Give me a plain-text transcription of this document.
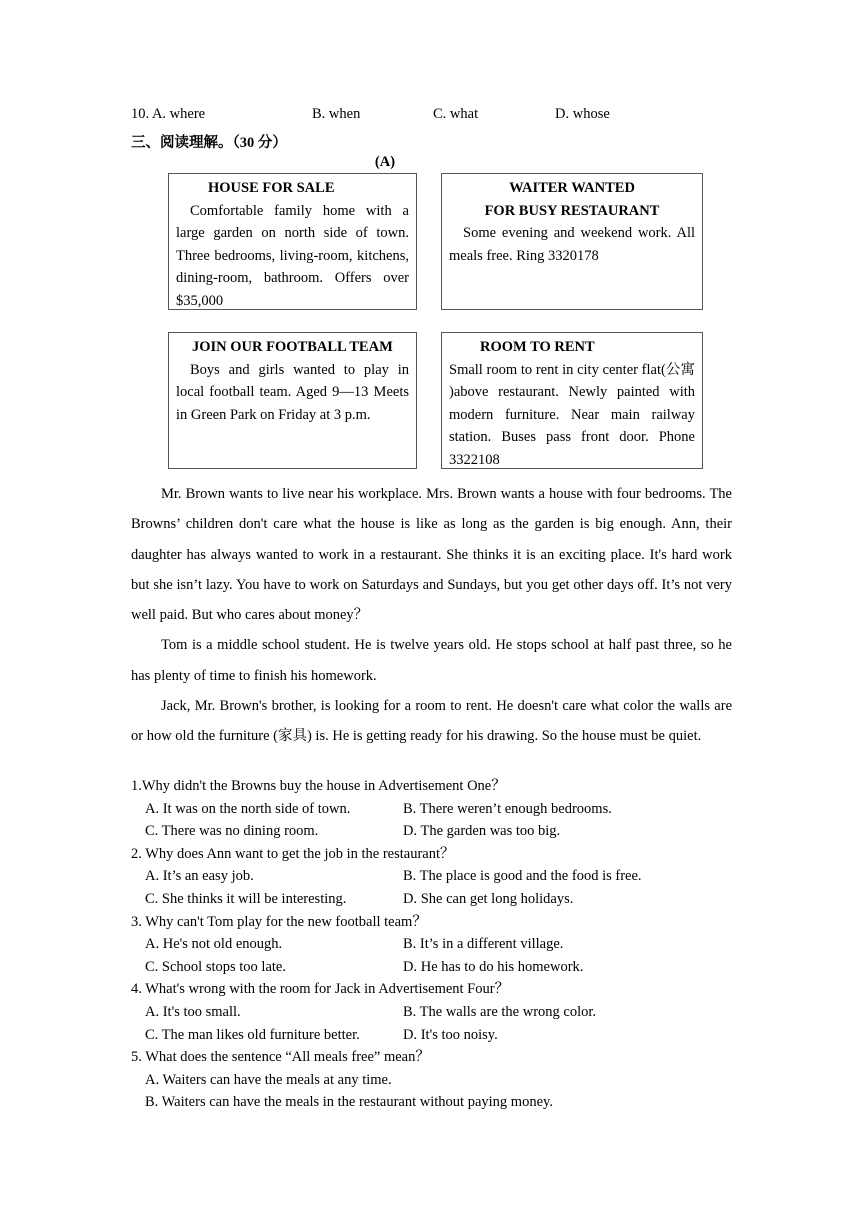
10. A. where	B. when	C. what	D. whose
三、阅读理解。（30 分）
(A)
HOUSE FOR SALE
Comfortable family home with a large garden on north side of town. Three bedrooms, living-room, kitchens, dining-room, bathroom. Offers over $35,000
WAITER WANTED
FOR BUSY RESTAURANT
Some evening and weekend work. All meals free. Ring 3320178
JOIN OUR FOOTBALL TEAM
Boys and girls wanted to play in local football team. Aged 9—13 Meets in Green Park on Friday at 3 p.m.
ROOM TO RENT
Small room to rent in city center flat(公寓 )above restaurant. Newly painted with modern furniture. Near main railway station. Buses pass front door. Phone 3322108

Mr. Brown wants to live near his workplace. Mrs. Brown wants a house with four bedrooms. The Browns’ children don't care what the house is like as long as the garden is big enough. Ann, their daughter has always wanted to work in a restaurant. She thinks it is an exciting place. It's hard work but she isn’t lazy. You have to work on Saturdays and Sundays, but you get other days off. It’s not very well paid. But who cares about money？

Tom is a middle school student. He is twelve years old. He stops school at half past three, so he has plenty of time to finish his homework.

Jack, Mr. Brown's brother, is looking for a room to rent. He doesn't care what color the walls are or how old the furniture (家具) is. He is getting ready for his drawing. So the house must be quiet.

1.Why didn't the Browns buy the house in Advertisement One？

A. It was on the north side of town.	B. There weren’t enough bedrooms.
C. There was no dining room.	D. The garden was too big.

2. Why does Ann want to get the job in the restaurant？

A. It’s an easy job.	B. The place is good and the food is free.
C. She thinks it will be interesting.	D. She can get long holidays.

3. Why can't Tom play for the new football team？

A. He's not old enough.	B. It’s in a different village.
C. School stops too late.	D. He has to do his homework.

4. What's wrong with the room for Jack in Advertisement Four？

A. It's too small.	B. The walls are the wrong color.
C. The man likes old furniture better.	D. It's too noisy.

5. What does the sentence “All meals free” mean？

A. Waiters can have the meals at any time.
B. Waiters can have the meals in the restaurant without paying money.
